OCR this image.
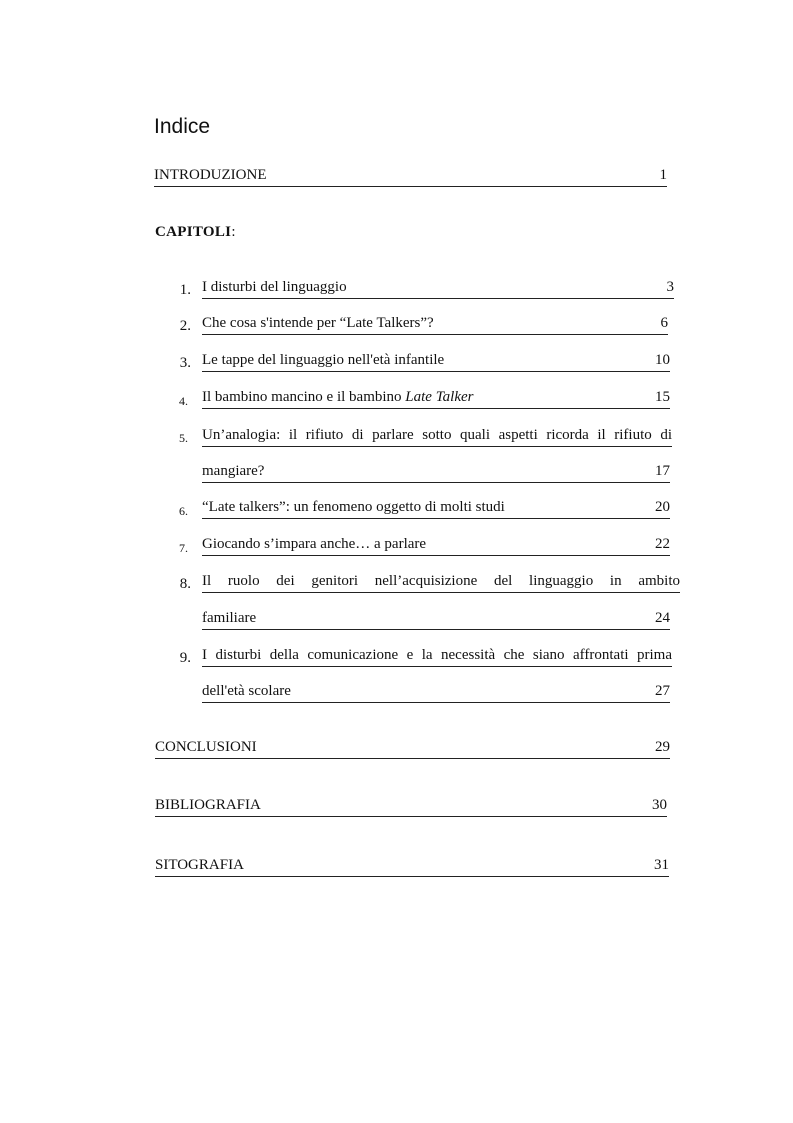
Indice
INTRODUZIONE	1
CAPITOLI:
1. I disturbi del linguaggio	3
2. Che cosa s'intende per “Late Talkers”?	6
3. Le tappe del linguaggio nell'età infantile	10
4. Il bambino mancino e il bambino Late Talker	15
5. Un’analogia: il rifiuto di parlare sotto quali aspetti ricorda il rifiuto di
mangiare?	17
6. “Late talkers”: un fenomeno oggetto di molti studi	20
7. Giocando s’impara anche… a parlare	22
8. Il ruolo dei genitori nell’acquisizione del linguaggio in ambito
familiare	24
9. I disturbi della comunicazione e la necessità che siano affrontati prima
dell'età scolare	27
CONCLUSIONI	29
BIBLIOGRAFIA	30
SITOGRAFIA	31
